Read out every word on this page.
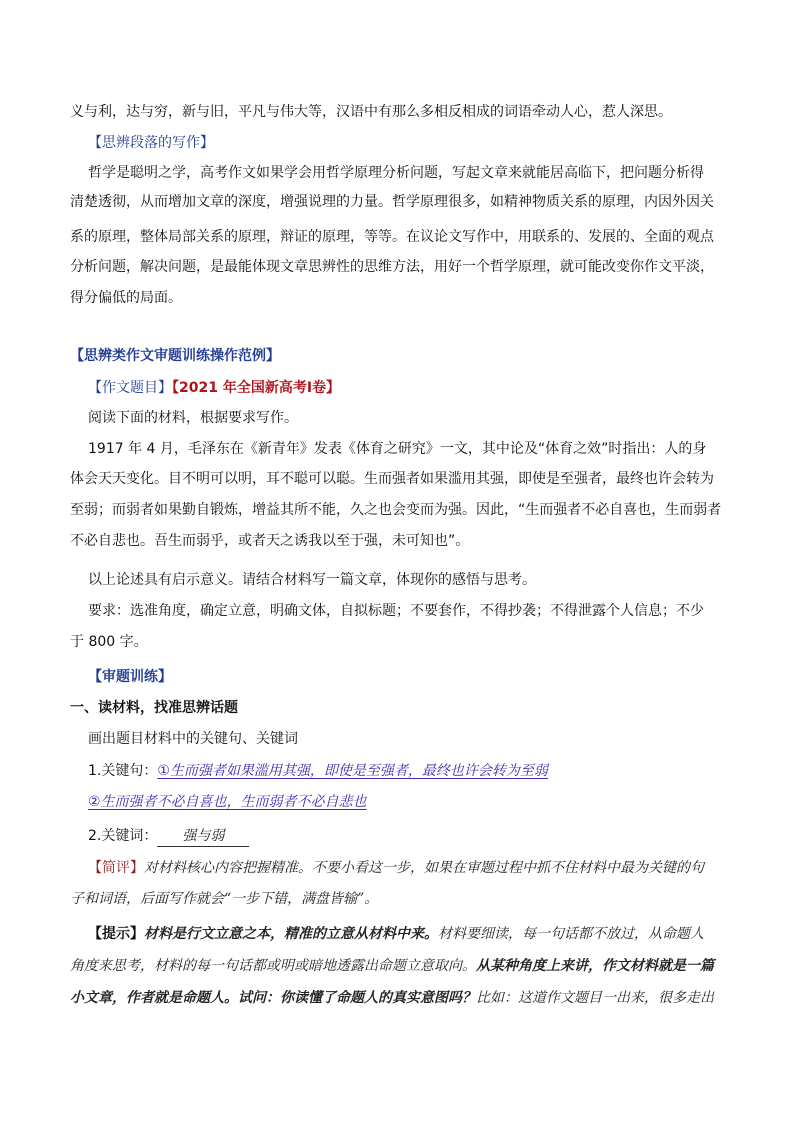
义与利，达与穷，新与旧，平凡与伟大等，汉语中有那么多相反相成的词语牵动人心，惹人深思。
【思辨段落的写作】
哲学是聪明之学，高考作文如果学会用哲学原理分析问题，写起文章来就能居高临下，把问题分析得
清楚透彻，从而增加文章的深度，增强说理的力量。哲学原理很多，如精神物质关系的原理，内因外因关
系的原理，整体局部关系的原理，辩证的原理，等等。在议论文写作中，用联系的、发展的、全面的观点
分析问题，解决问题，是最能体现文章思辨性的思维方法，用好一个哲学原理，就可能改变你作文平淡，
得分偏低的局面。
【思辨类作文审题训练操作范例】
【作文题目】【2021 年全国新高考Ⅰ卷】
阅读下面的材料，根据要求写作。
1917 年 4 月，毛泽东在《新青年》发表《体育之研究》一文，其中论及“体育之效”时指出：人的身
体会天天变化。目不明可以明，耳不聪可以聪。生而强者如果滥用其强，即使是至强者，最终也许会转为
至弱；而弱者如果勤自锻炼，增益其所不能，久之也会变而为强。因此，“生而强者不必自喜也，生而弱者
不必自悲也。吾生而弱乎，或者天之诱我以至于强，未可知也”。
以上论述具有启示意义。请结合材料写一篇文章，体现你的感悟与思考。
要求：选准角度，确定立意，明确文体，自拟标题；不要套作，不得抄袭；不得泄露个人信息；不少
于 800 字。
【审题训练】
一、读材料，找准思辨话题
画出题目材料中的关键句、关键词
1.关键句：①生而强者如果滥用其强，即使是至强者，最终也许会转为至弱
②生而强者不必自喜也，生而弱者不必自悲也
2.关键词： 强与弱
【简评】对材料核心内容把握精准。不要小看这一步，如果在审题过程中抓不住材料中最为关键的句
子和词语，后面写作就会“一步下错，满盘皆输”。
【提示】材料是行文立意之本，精准的立意从材料中来。材料要细读，每一句话都不放过，从命题人
角度来思考，材料的每一句话都或明或暗地透露出命题立意取向。从某种角度上来讲，作文材料就是一篇
小文章，作者就是命题人。试问：你读懂了命题人的真实意图吗？比如：这道作文题目一出来，很多走出
